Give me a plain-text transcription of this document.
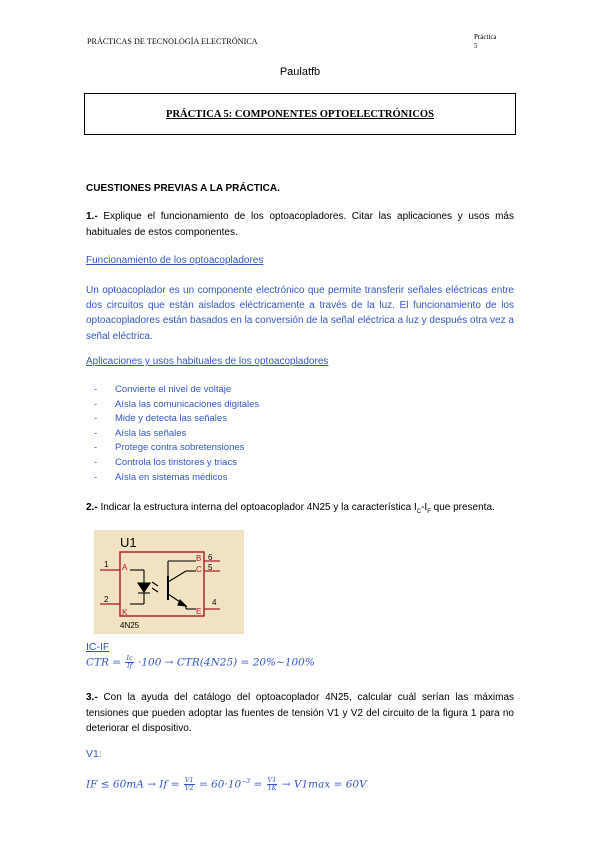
PRÁCTICAS DE TECNOLOGÍA ELECTRÓNICA	Práctica
5
Paulatfb
PRÁCTICA 5: COMPONENTES OPTOELECTRÓNICOS
CUESTIONES PREVIAS A LA PRÁCTICA.
1.- Explique el funcionamiento de los optoacopladores. Citar las aplicaciones y usos más habituales de estos componentes.
Funcionamiento de los optoacopladores
Un optoacoplador es un componente electrónico que permite transferir señales eléctricas entre dos circuitos que están aislados eléctricamente a través de la luz. El funcionamiento de los optoacopladores están basados en la conversión de la señal eléctrica a luz y después otra vez a señal eléctrica.
Aplicaciones y usos habituales de los optoacopladores
- Convierte el nivel de voltaje
- Aísla las comunicaciones digitales
- Mide y detecta las señales
- Aísla las señales
- Protege contra sobretensiones
- Controla los tiristores y triacs
- Aísla en sistemas médicos
2.- Indicar la estructura interna del optoacoplador 4N25 y la característica $I_C-I_F$ que presenta.
U1
1
2
A
K
6
5
4
B
C
E
4N25
IC-IF
CTR = $\frac{Ic}{If} \cdot 100 \to CTR(4N25)$ = 20%~100%
3.- Con la ayuda del catálogo del optoacoplador 4N25, calcular cuál serían las máximas tensiones que pueden adoptar las fuentes de tensión V1 y V2 del circuito de la figura 1 para no deteriorar el dispositivo.
V1:
IF ≤ $60mA \to If = \frac{V1}{V2} = 60\cdot 10^{-3} = \frac{V1}{1K} \to V1\max = 60V$
